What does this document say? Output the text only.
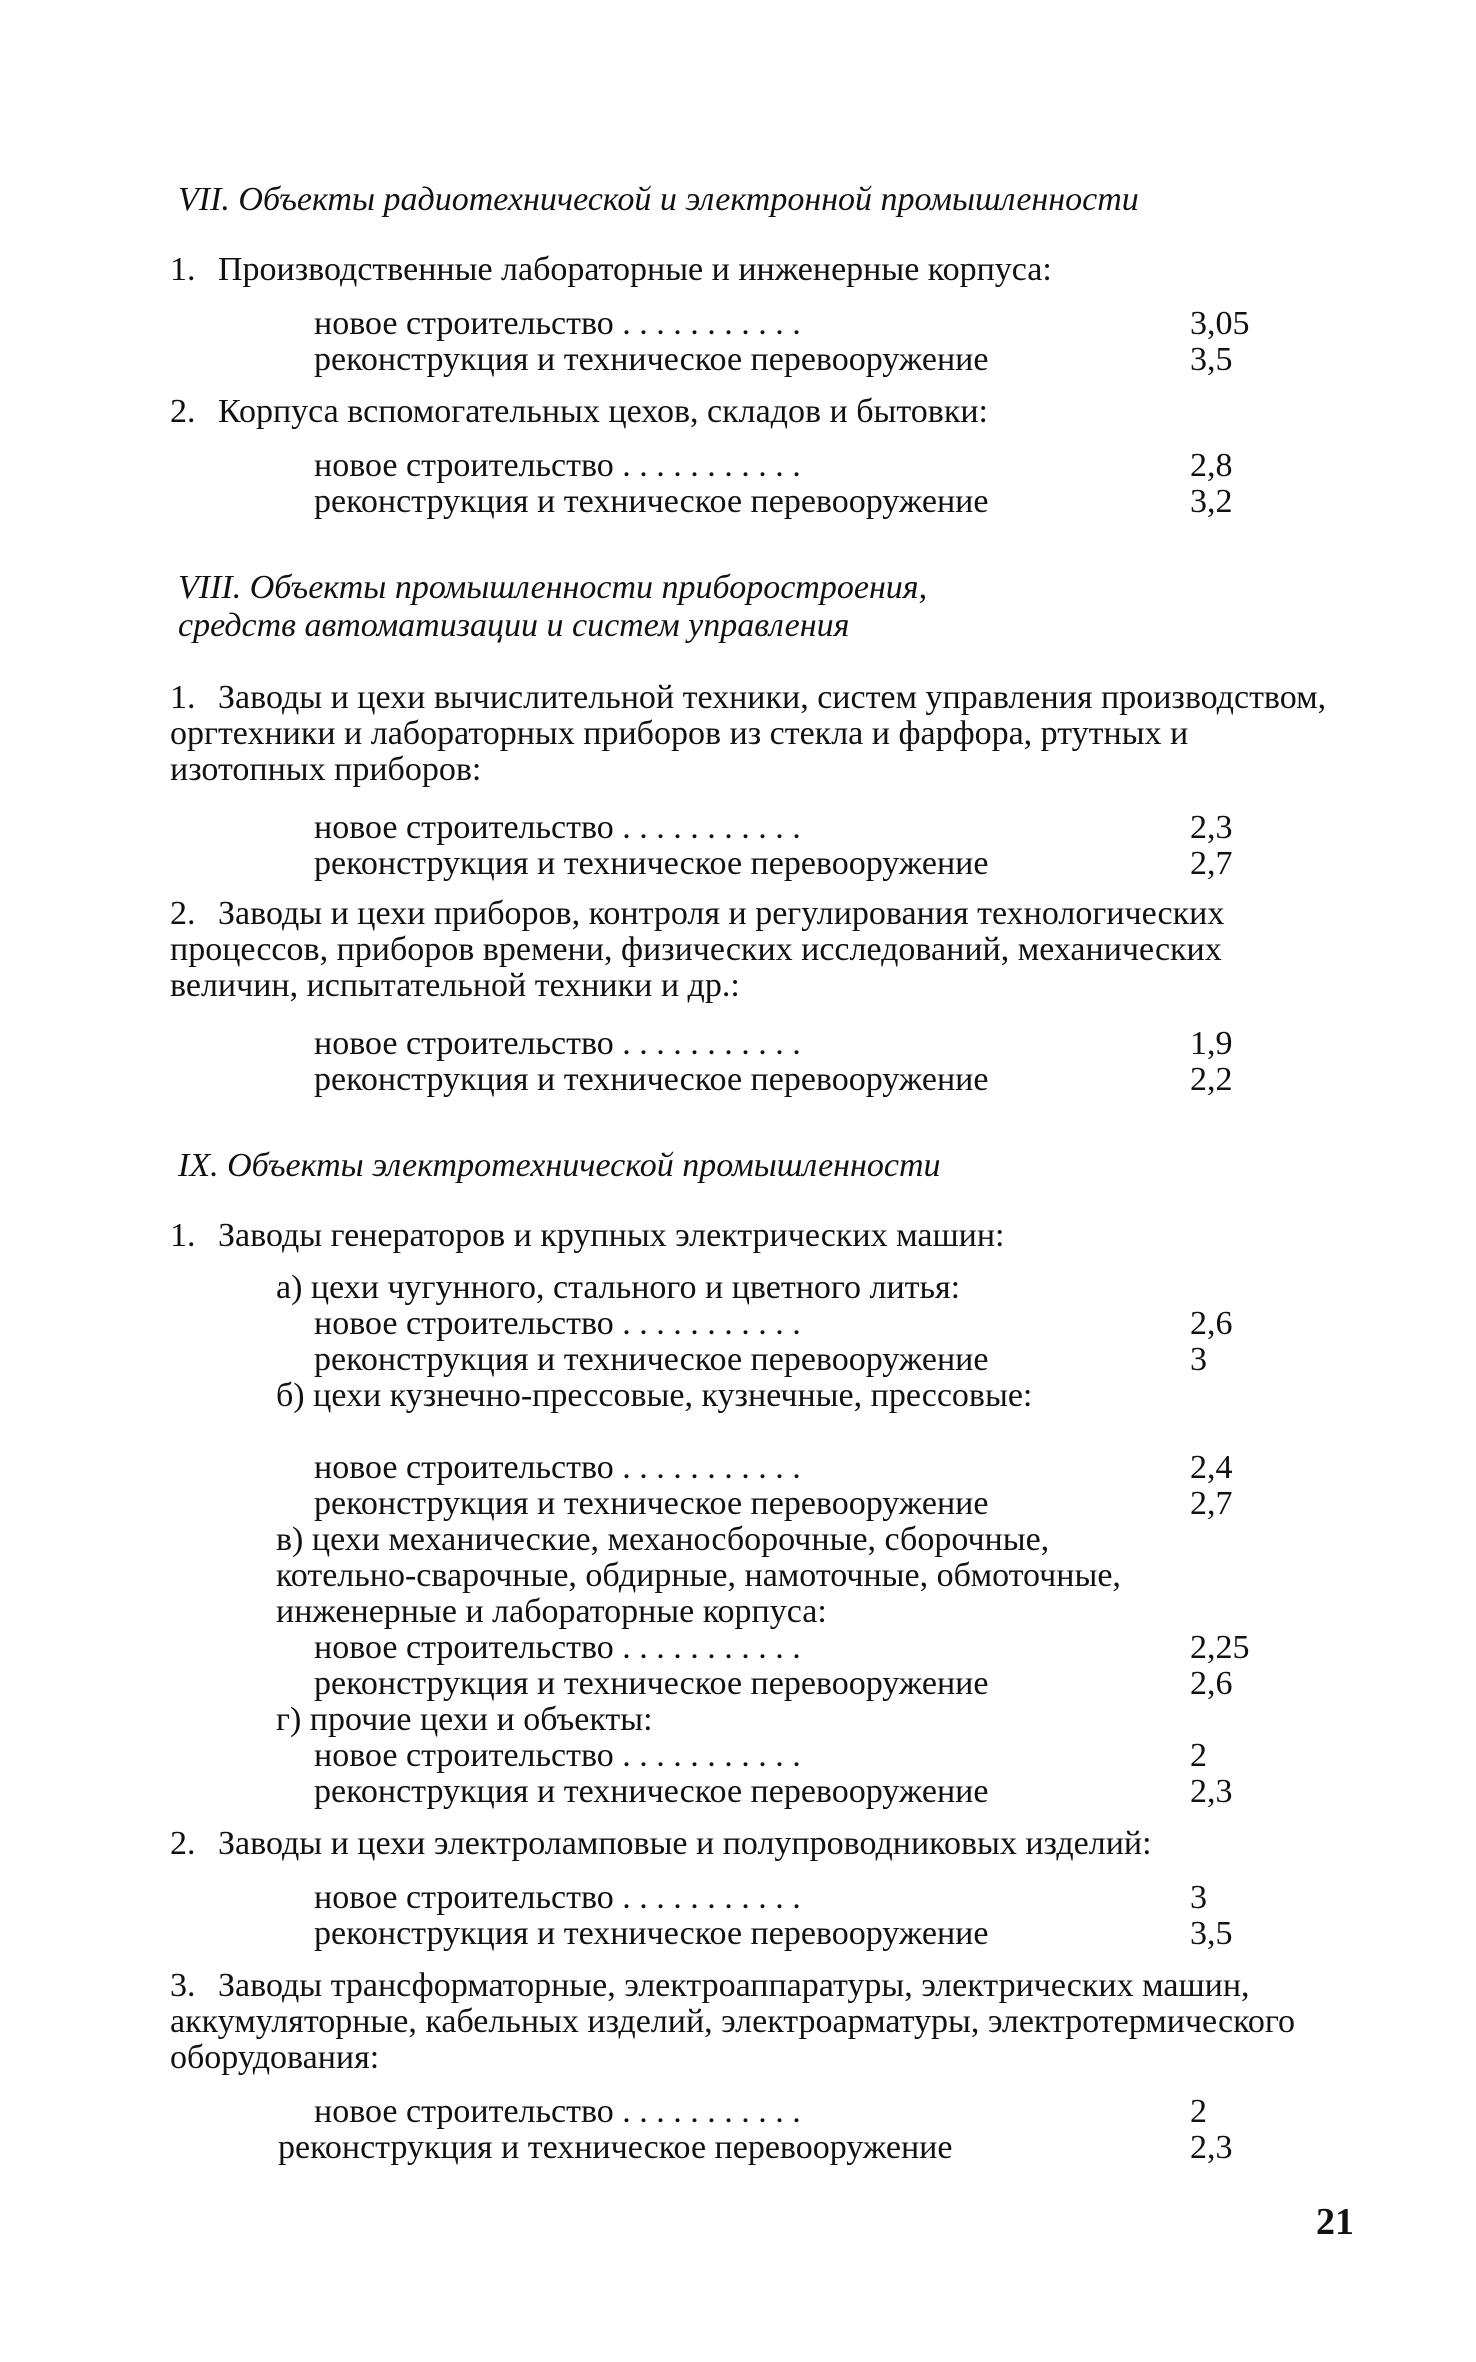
VII. Объекты радиотехнической и электронной промышленности
1. Производственные лабораторные и инженерные корпуса:
новое строительство . . . . . . . . . . .	3,05
реконструкция и техническое перевооружение	3,5
2. Корпуса вспомогательных цехов, складов и бытовки:
новое строительство . . . . . . . . . . .	2,8
реконструкция и техническое перевооружение	3,2
VIII. Объекты промышленности приборостроения,
средств автоматизации и систем управления
1. Заводы и цехи вычислительной техники, систем управления производством, оргтехники и лабораторных приборов из стекла и фарфора, ртутных и изотопных приборов:
новое строительство . . . . . . . . . . .	2,3
реконструкция и техническое перевооружение	2,7
2. Заводы и цехи приборов, контроля и регулирования технологических процессов, приборов времени, физических исследований, механических величин, испытательной техники и др.:
новое строительство . . . . . . . . . . .	1,9
реконструкция и техническое перевооружение	2,2
IX. Объекты электротехнической промышленности
1. Заводы генераторов и крупных электрических машин:
а) цехи чугунного, стального и цветного литья:
новое строительство . . . . . . . . . . .	2,6
реконструкция и техническое перевооружение	3
б) цехи кузнечно-прессовые, кузнечные, прессовые:
новое строительство . . . . . . . . . . .	2,4
реконструкция и техническое перевооружение	2,7
в) цехи механические, механосборочные, сборочные, котельно-сварочные, обдирные, намоточные, обмоточные, инженерные и лабораторные корпуса:
новое строительство . . . . . . . . . . .	2,25
реконструкция и техническое перевооружение	2,6
г) прочие цехи и объекты:
новое строительство . . . . . . . . . . .	2
реконструкция и техническое перевооружение	2,3
2. Заводы и цехи электроламповые и полупроводниковых изделий:
новое строительство . . . . . . . . . . .	3
реконструкция и техническое перевооружение	3,5
3. Заводы трансформаторные, электроаппаратуры, электрических машин, аккумуляторные, кабельных изделий, электроарматуры, электротермического оборудования:
новое строительство . . . . . . . . . . .	2
реконструкция и техническое перевооружение	2,3
21
